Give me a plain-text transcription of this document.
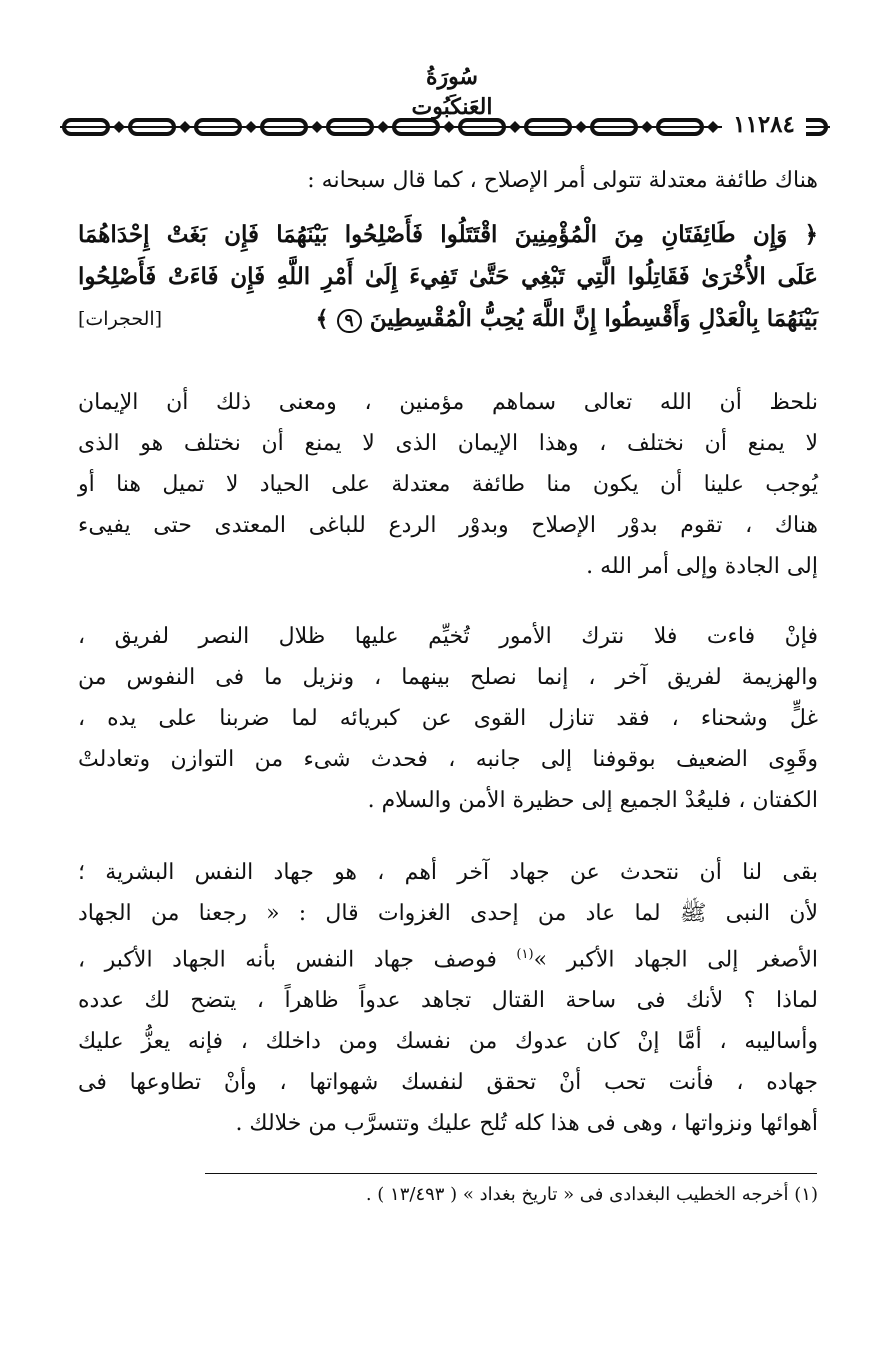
سُورَةُ العَنكَبُوت
١١٢٨٤
هناك طائفة معتدلة تتولى أمر الإصلاح ، كما قال سبحانه :
﴿ وَإِن طَائِفَتَانِ مِنَ الْمُؤْمِنِينَ اقْتَتَلُوا فَأَصْلِحُوا بَيْنَهُمَا فَإِن بَغَتْ إِحْدَاهُمَا
عَلَى الأُخْرَىٰ فَقَاتِلُوا الَّتِي تَبْغِي حَتَّىٰ تَفِيءَ إِلَىٰ أَمْرِ اللَّهِ فَإِن فَاءَتْ فَأَصْلِحُوا
بَيْنَهُمَا بِالْعَدْلِ وَأَقْسِطُوا إِنَّ اللَّهَ يُحِبُّ الْمُقْسِطِينَ ٩ ﴾
[الحجرات]
نلحظ أن الله تعالى سماهم مؤمنين ، ومعنى ذلك أن الإيمان
لا يمنع أن نختلف ، وهذا الإيمان الذى لا يمنع أن نختلف هو الذى
يُوجب علينا أن يكون منا طائفة معتدلة على الحياد لا تميل هنا أو
هناك ، تقوم بدوْر الإصلاح وبدوْر الردع للباغى المعتدى حتى يفيىء
إلى الجادة وإلى أمر الله .
فإنْ فاءت فلا نترك الأمور تُخيِّم عليها ظلال النصر لفريق ،
والهزيمة لفريق آخر ، إنما نصلح بينهما ، ونزيل ما فى النفوس من
غلٍّ وشحناء ، فقد تنازل القوى عن كبريائه لما ضربنا على يده ،
وقَوِى الضعيف بوقوفنا إلى جانبه ، فحدث شىء من التوازن وتعادلتْ
الكفتان ، فليعُدْ الجميع إلى حظيرة الأمن والسلام .
بقى لنا أن نتحدث عن جهاد آخر أهم ، هو جهاد النفس البشرية ؛
لأن النبى ﷺ لما عاد من إحدى الغزوات قال : « رجعنا من الجهاد
الأصغر إلى الجهاد الأكبر »$^{(١)}$ فوصف جهاد النفس بأنه الجهاد الأكبر ،
لماذا ؟ لأنك فى ساحة القتال تجاهد عدواً ظاهراً ، يتضح لك عدده
وأساليبه ، أمَّا إنْ كان عدوك من نفسك ومن داخلك ، فإنه يعزُّ عليك
جهاده ، فأنت تحب أنْ تحقق لنفسك شهواتها ، وأنْ تطاوعها فى
أهوائها ونزواتها ، وهى فى هذا كله تُلح عليك وتتسرَّب من خلالك .
(١) أخرجه الخطيب البغدادى فى « تاريخ بغداد » ( ١٣/٤٩٣ ) .
